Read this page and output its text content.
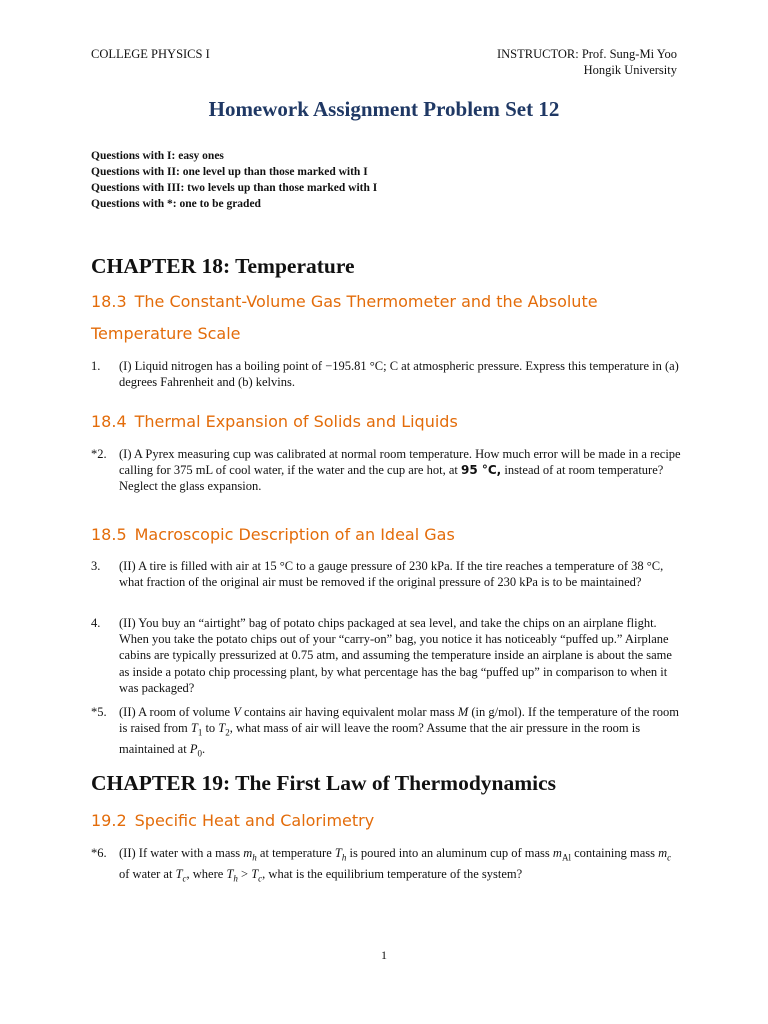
COLLEGE PHYSICS I	INSTRUCTOR: Prof. Sung-Mi Yoo
Hongik University
Homework Assignment Problem Set 12
Questions with I: easy ones
Questions with II: one level up than those marked with I
Questions with III: two levels up than those marked with I
Questions with *: one to be graded
CHAPTER 18: Temperature
18.3 The Constant-Volume Gas Thermometer and the Absolute Temperature Scale
1. (I) Liquid nitrogen has a boiling point of −195.81 °C; C at atmospheric pressure. Express this temperature in (a) degrees Fahrenheit and (b) kelvins.
18.4 Thermal Expansion of Solids and Liquids
*2. (I) A Pyrex measuring cup was calibrated at normal room temperature. How much error will be made in a recipe calling for 375 mL of cool water, if the water and the cup are hot, at 95 °C, instead of at room temperature? Neglect the glass expansion.
18.5 Macroscopic Description of an Ideal Gas
3. (II) A tire is filled with air at 15 °C to a gauge pressure of 230 kPa. If the tire reaches a temperature of 38 °C, what fraction of the original air must be removed if the original pressure of 230 kPa is to be maintained?
4. (II) You buy an “airtight” bag of potato chips packaged at sea level, and take the chips on an airplane flight. When you take the potato chips out of your “carry-on” bag, you notice it has noticeably “puffed up.” Airplane cabins are typically pressurized at 0.75 atm, and assuming the temperature inside an airplane is about the same as inside a potato chip processing plant, by what percentage has the bag “puffed up” in comparison to when it was packaged?
*5. (II) A room of volume V contains air having equivalent molar mass M (in g/mol). If the temperature of the room is raised from $T_1$ to $T_2$, what mass of air will leave the room? Assume that the air pressure in the room is maintained at $P_0$.
CHAPTER 19: The First Law of Thermodynamics
19.2 Specific Heat and Calorimetry
*6. (II) If water with a mass $m_h$ at temperature $T_h$ is poured into an aluminum cup of mass $m_{Al}$ containing mass $m_c$ of water at $T_c$, where $T_h > T_c$, what is the equilibrium temperature of the system?
1
